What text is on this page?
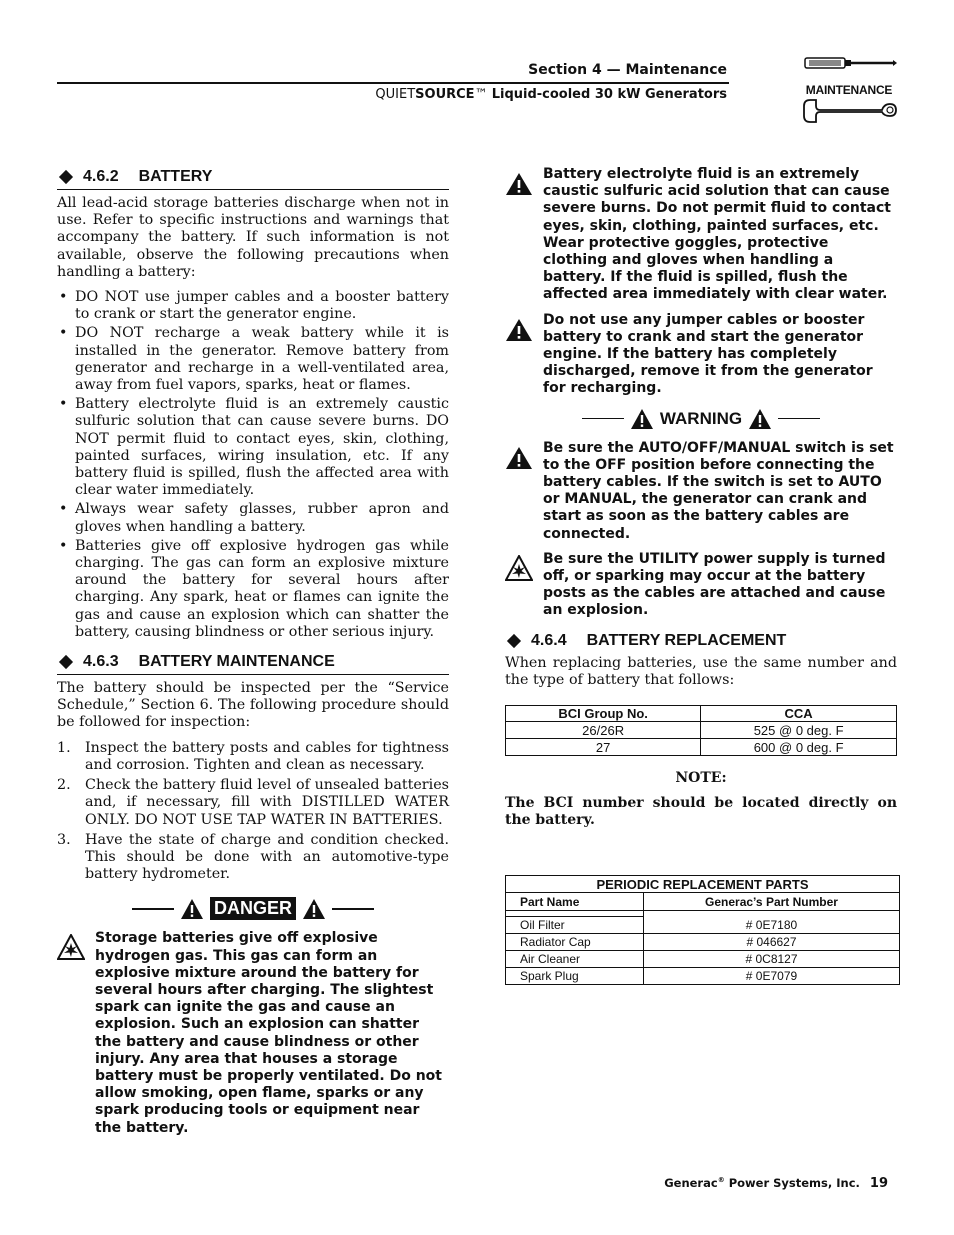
Section 4 — Maintenance
QUIETSOURCE™ Liquid-cooled 30 kW Generators	MAINTENANCE
4.6.2 BATTERY

All lead-acid storage batteries discharge when not in use. Refer to specific instructions and warnings that accompany the battery. If such information is not available, observe the following precautions when handling a battery:

• DO NOT use jumper cables and a booster battery to crank or start the generator engine.
• DO NOT recharge a weak battery while it is installed in the generator. Remove battery from generator and recharge in a well-ventilated area, away from fuel vapors, sparks, heat or flames.
• Battery electrolyte fluid is an extremely caustic sulfuric solution that can cause severe burns. DO NOT permit fluid to contact eyes, skin, clothing, painted surfaces, wiring insulation, etc. If any battery fluid is spilled, flush the affected area with clear water immediately.
• Always wear safety glasses, rubber apron and gloves when handling a battery.
• Batteries give off explosive hydrogen gas while charging. The gas can form an explosive mixture around the battery for several hours after charging. Any spark, heat or flames can ignite the gas and cause an explosion which can shatter the battery, causing blindness or other serious injury.
4.6.3 BATTERY MAINTENANCE

The battery should be inspected per the “Service Schedule,” Section 6. The following procedure should be followed for inspection:

1. Inspect the battery posts and cables for tightness and corrosion. Tighten and clean as necessary.
2. Check the battery fluid level of unsealed batteries and, if necessary, fill with DISTILLED WATER ONLY. DO NOT USE TAP WATER IN BATTERIES.
3. Have the state of charge and condition checked. This should be done with an automotive-type battery hydrometer.
DANGER
Storage batteries give off explosive hydrogen gas. This gas can form an explosive mixture around the battery for several hours after charging. The slightest spark can ignite the gas and cause an explosion. Such an explosion can shatter the battery and cause blindness or other injury. Any area that houses a storage battery must be properly ventilated. Do not allow smoking, open flame, sparks or any spark producing tools or equipment near the battery.
Battery electrolyte fluid is an extremely caustic sulfuric acid solution that can cause severe burns. Do not permit fluid to contact eyes, skin, clothing, painted surfaces, etc. Wear protective goggles, protective clothing and gloves when handling a battery. If the fluid is spilled, flush the affected area immediately with clear water.
Do not use any jumper cables or booster battery to crank and start the generator engine. If the battery has completely discharged, remove it from the generator for recharging.
WARNING
Be sure the AUTO/OFF/MANUAL switch is set to the OFF position before connecting the battery cables. If the switch is set to AUTO or MANUAL, the generator can crank and start as soon as the battery cables are connected.
Be sure the UTILITY power supply is turned off, or sparking may occur at the battery posts as the cables are attached and cause an explosion.
4.6.4 BATTERY REPLACEMENT

When replacing batteries, use the same number and the type of battery that follows:

BCI Group No.	CCA
26/26R	525 @ 0 deg. F
27	600 @ 0 deg. F
NOTE:
The BCI number should be located directly on the battery.
PERIODIC REPLACEMENT PARTS	
Part Name	Generac’s Part Number

Oil Filter	# 0E7180
Radiator Cap	# 046627
Air Cleaner	# 0C8127
Spark Plug	# 0E7079
Generac® Power Systems, Inc. 19
